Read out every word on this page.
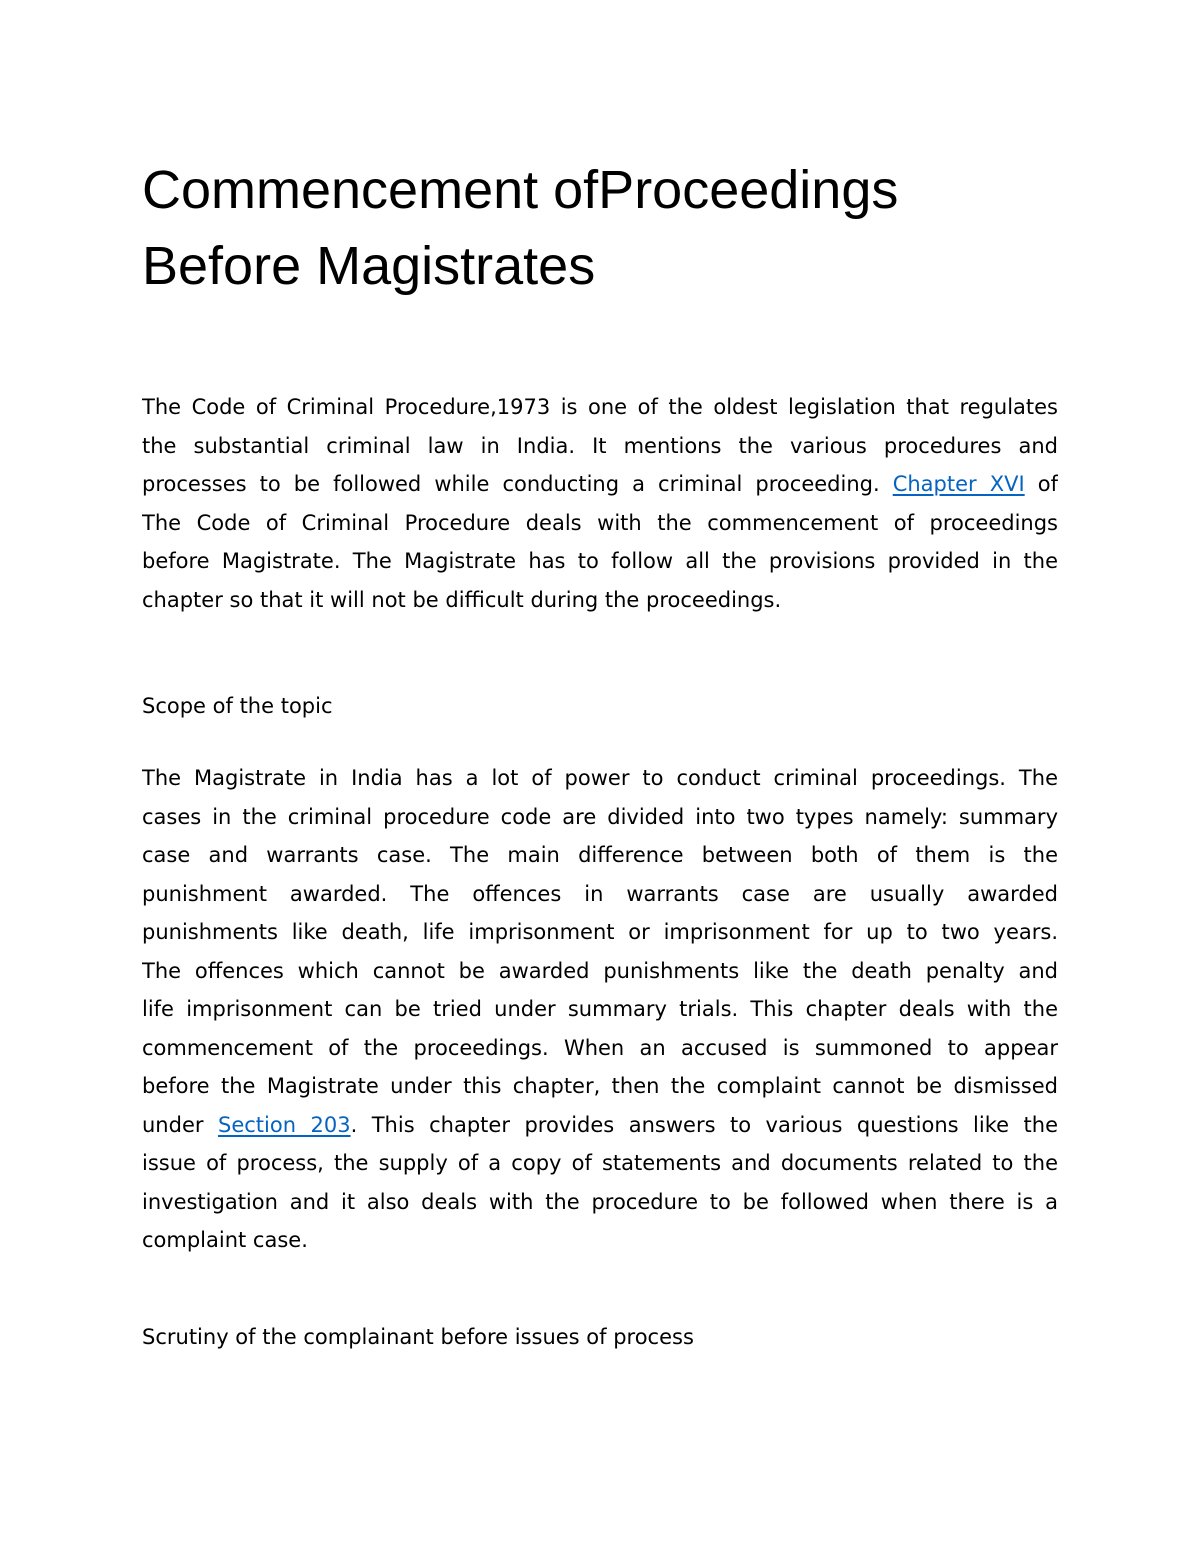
Commencement ofProceedings
Before Magistrates

The Code of Criminal Procedure,1973 is one of the oldest legislation that regulates
the substantial criminal law in India. It mentions the various procedures and
processes to be followed while conducting a criminal proceeding. Chapter XVI of
The Code of Criminal Procedure deals with the commencement of proceedings
before Magistrate. The Magistrate has to follow all the provisions provided in the
chapter so that it will not be difficult during the proceedings.

Scope of the topic

The Magistrate in India has a lot of power to conduct criminal proceedings. The
cases in the criminal procedure code are divided into two types namely: summary
case and warrants case. The main difference between both of them is the
punishment awarded. The offences in warrants case are usually awarded
punishments like death, life imprisonment or imprisonment for up to two years.
The offences which cannot be awarded punishments like the death penalty and
life imprisonment can be tried under summary trials. This chapter deals with the
commencement of the proceedings. When an accused is summoned to appear
before the Magistrate under this chapter, then the complaint cannot be dismissed
under Section 203. This chapter provides answers to various questions like the
issue of process, the supply of a copy of statements and documents related to the
investigation and it also deals with the procedure to be followed when there is a
complaint case.

Scrutiny of the complainant before issues of process
